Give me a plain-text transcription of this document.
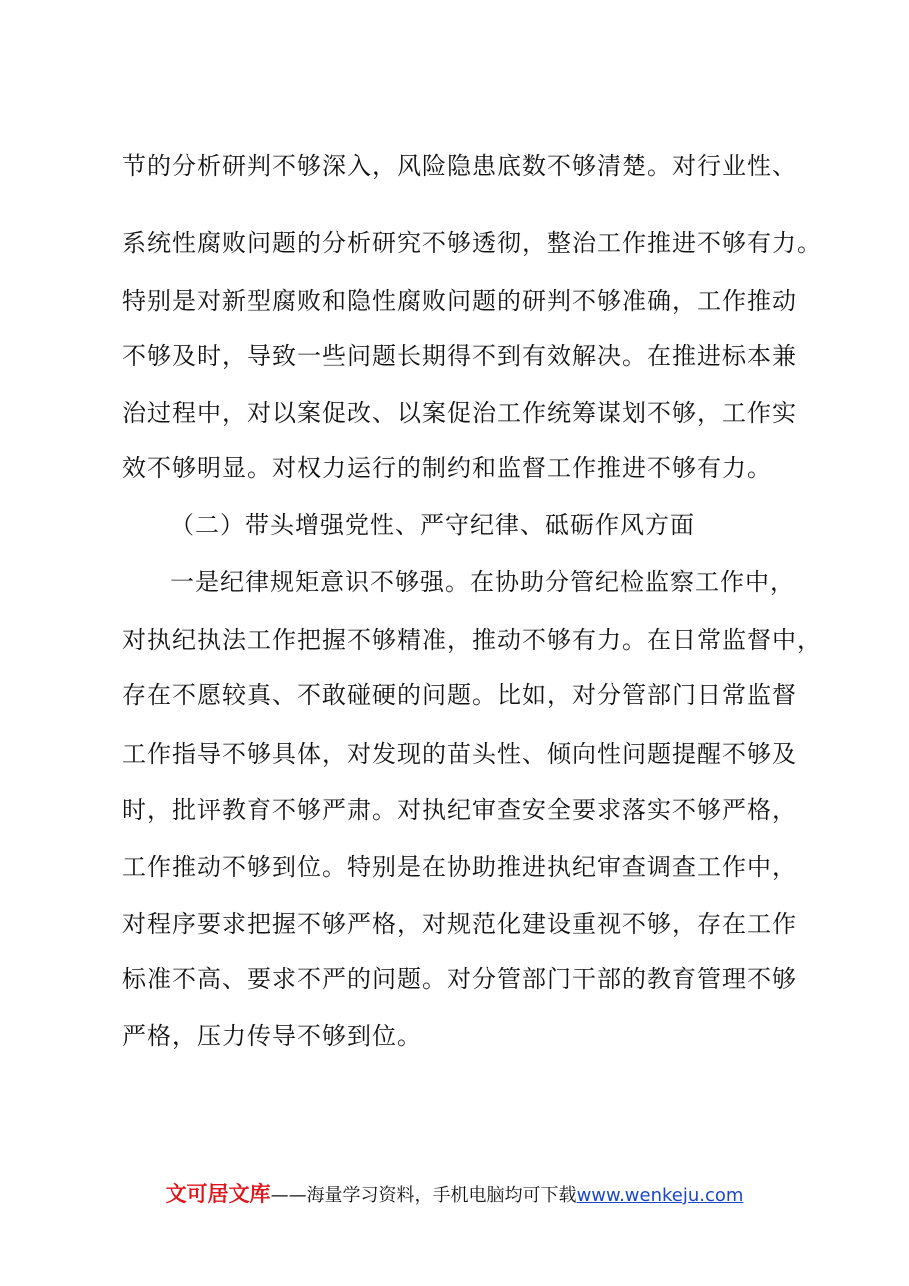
节的分析研判不够深入，风险隐患底数不够清楚。对行业性、
系统性腐败问题的分析研究不够透彻，整治工作推进不够有力。
特别是对新型腐败和隐性腐败问题的研判不够准确，工作推动
不够及时，导致一些问题长期得不到有效解决。在推进标本兼
治过程中，对以案促改、以案促治工作统筹谋划不够，工作实
效不够明显。对权力运行的制约和监督工作推进不够有力。
（二）带头增强党性、严守纪律、砥砺作风方面
一是纪律规矩意识不够强。在协助分管纪检监察工作中，
对执纪执法工作把握不够精准，推动不够有力。在日常监督中，
存在不愿较真、不敢碰硬的问题。比如，对分管部门日常监督
工作指导不够具体，对发现的苗头性、倾向性问题提醒不够及
时，批评教育不够严肃。对执纪审查安全要求落实不够严格，
工作推动不够到位。特别是在协助推进执纪审查调查工作中，
对程序要求把握不够严格，对规范化建设重视不够，存在工作
标准不高、要求不严的问题。对分管部门干部的教育管理不够
严格，压力传导不够到位。
文可居文库——海量学习资料，手机电脑均可下载www.wenkeju.com
